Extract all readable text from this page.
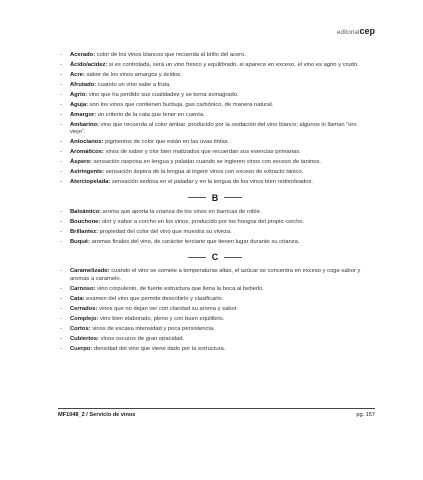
editorialcep
- Acerado: color de los vinos blancos que recuerda al brillo del acero.
- Ácido/acidez: si es controlada, será un vino fresco y equilibrado, si aparece en exceso, el vino es agrio y crudo.
- Acre: sabor de los vinos amargos y ácidos.
- Afrutado: cuando un vino sabe a fruta.
- Agrio: vino que ha perdido sus cualidades y se torna avinagrado.
- Aguja: son los vinos que contienen burbuja, gas carbónico, de manera natural.
- Amargor: un criterio de la cata que tener en cuenta.
- Ambarino: vino que recuerda al color ámbar, producido por la oxidación del vino blanco; algunos lo llaman “oro viejo”.
- Antocianos: pigmentos de color que están en las uvas tintas.
- Aromáticos: vinos de sabor y olor bien matizados que recuerdan sus esencias primarias.
- Áspero: sensación rasposa en lengua y paladar cuando se ingieren vinos con exceso de taninos.
- Astringente: sensación áspera de la lengua al ingerir vinos con exceso de extracto tánico.
- Aterciopelada: sensación sedosa en el paladar y en la lengua de los vinos bien redondeados.
B
- Balsámico: aroma que aporta la crianza de los vinos en barricas de roble.
- Bouchone: olor y sabor a corcho en los vinos, producido por los hongos del propio corcho.
- Brillantez: propiedad del color del vino que muestra su viveza.
- Buqué: aromas finales del vino, de carácter terciario que tienen lugar durante su crianza.
C
- Caramelizado: cuando el vino se somete a temperaturas altas, el azúcar se concentra en exceso y coge sabor y aromas a caramelo.
- Carnoso: vino corpulento, de fuerte estructura que llena la boca al beberlo.
- Cata: examen del vino que permite describirlo y clasificarlo.
- Cerrados: vinos que no dejan ver con claridad su aroma y sabor.
- Complejo: vino bien elaborado, pleno y con buen equilibrio.
- Cortos: vinos de escasa intensidad y poca persistencia.
- Cubiertos: vinos oscuros de gran opacidad.
- Cuerpo: densidad del vino que viene dado por la estructura.
MF1048_2 / Servicio de vinos	pg. 157
